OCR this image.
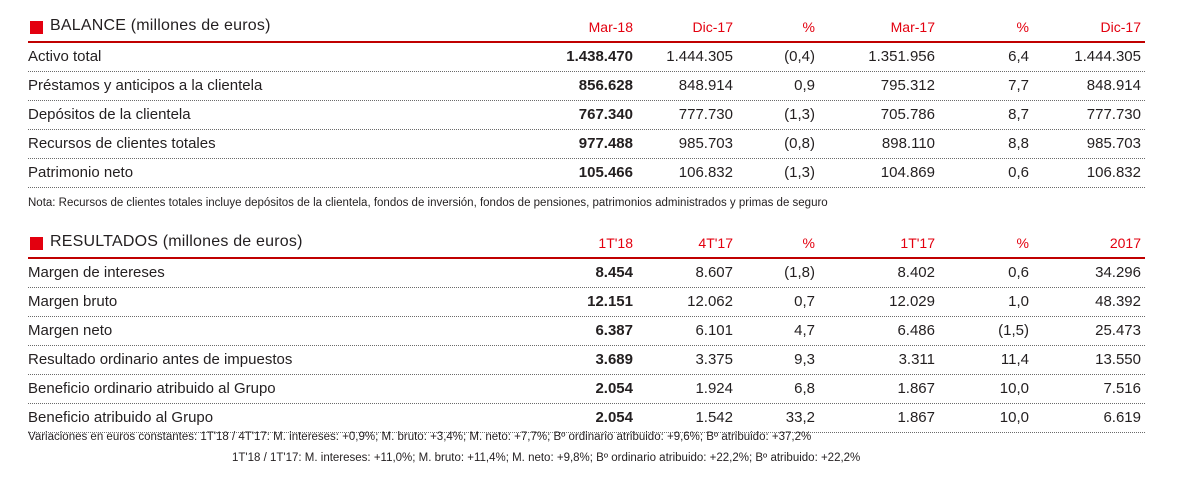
BALANCE (millones de euros)	Mar-18	Dic-17	%	Mar-17	%	Dic-17
Activo total	1.438.470 1.444.305	(0,4)	1.351.956	6,4	1.444.305
Préstamos y anticipos a la clientela	856.628	848.914	0,9	795.312	7,7	848.914
Depósitos de la clientela	767.340	777.730	(1,3)	705.786	8,7	777.730
Recursos de clientes totales	977.488	985.703	(0,8)	898.110	8,8	985.703
Patrimonio neto	105.466	106.832	(1,3)	104.869	0,6	106.832
Nota: Recursos de clientes totales incluye depósitos de la clientela, fondos de inversión, fondos de pensiones, patrimonios administrados y primas de seguro
RESULTADOS (millones de euros)	1T'18	4T'17	%	1T'17	%	2017
Margen de intereses	8.454	8.607	(1,8)	8.402	0,6	34.296
Margen bruto	12.151	12.062	0,7	12.029	1,0	48.392
Margen neto	6.387	6.101	4,7	6.486	(1,5)	25.473
Resultado ordinario antes de impuestos	3.689	3.375	9,3	3.311	11,4	13.550
Beneficio ordinario atribuido al Grupo	2.054	1.924	6,8	1.867	10,0	7.516
Beneficio atribuido al Grupo	2.054	1.542	33,2	1.867	10,0	6.619
Variaciones en euros constantes: 1T'18 / 4T'17: M. intereses: +0,9%; M. bruto: +3,4%; M. neto: +7,7%; Bº ordinario atribuido: +9,6%; Bº atribuido: +37,2%
1T'18 / 1T'17: M. intereses: +11,0%; M. bruto: +11,4%; M. neto: +9,8%; Bº ordinario atribuido: +22,2%; Bº atribuido: +22,2%
